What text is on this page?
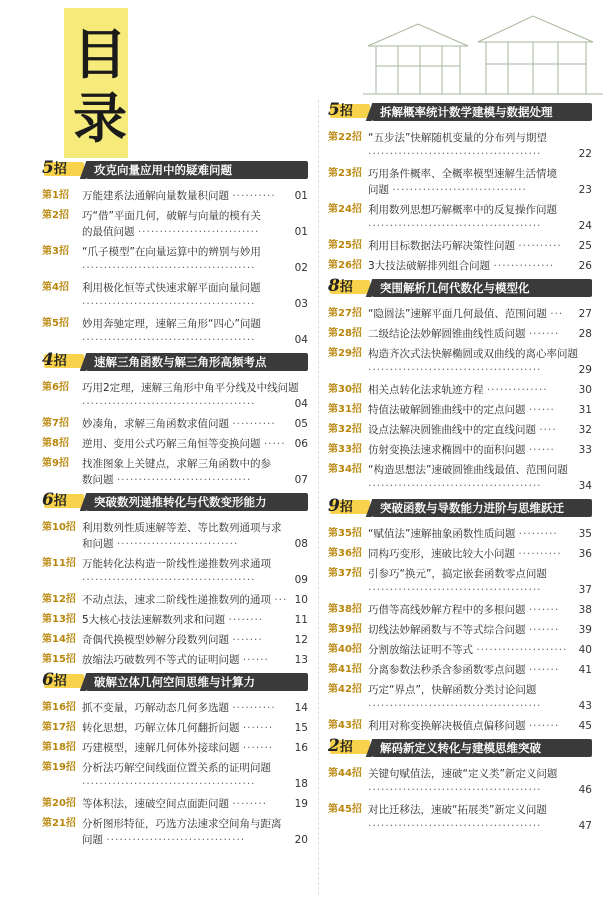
目
录
5招	攻克向量应用中的疑难问题
第1招 万能建系法通解向量数量积问题 ··········	01
第2招 巧“借”平面几何，破解与向量的模有关
的最值问题 ····························	01
第3招 “爪子模型”在向量运算中的辨别与妙用
········································	02
第4招 利用极化恒等式快速求解平面向量问题
········································	03
第5招 妙用奔驰定理，速解三角形“四心”问题
········································	04
4招	速解三角函数与解三角形高频考点
第6招 巧用2定理，速解三角形中角平分线及中线问题
········································	04
第7招 妙凑角，求解三角函数求值问题 ··········	05
第8招 逆用、变用公式巧解三角恒等变换问题 ····· 06
第9招 找准图象上关键点，求解三角函数中的参
数问题 ·······························	07
6招	突破数列递推转化与代数变形能力
第10招 利用数列性质速解等差、等比数列通项与求
和问题 ····························	08
第11招 万能转化法构造一阶线性递推数列求通项
········································	09
第12招 不动点法，速求二阶线性递推数列的通项 ··· 10
第13招 5大核心技法速解数列求和问题 ········	11
第14招 奇偶代换模型妙解分段数列问题 ·······	12
第15招 放缩法巧破数列不等式的证明问题 ······	13
6招	破解立体几何空间思维与计算力
第16招 抓不变量，巧解动态几何多选题 ··········	14
第17招 转化思想，巧解立体几何翻折问题 ·······	15
第18招 巧建模型，速解几何体外接球问题 ·······	16
第19招 分析法巧解空间线面位置关系的证明问题
········································	18
第20招 等体积法，速破空间点面距问题 ········	19
第21招 分析图形特征，巧选方法速求空间角与距离
问题 ································	20
5招	拆解概率统计数学建模与数据处理
第22招 “五步法”快解随机变量的分布列与期望
········································	22
第23招 巧用条件概率、全概率模型速解生活情境
问题 ·······························	23
第24招 利用数列思想巧解概率中的反复操作问题
········································	24
第25招 利用目标数据法巧解决策性问题 ··········	25
第26招 3大技法破解排列组合问题 ··············	26
8招	突围解析几何代数化与模型化
第27招 “隐圆法”速解平面几何最值、范围问题 ···	27
第28招 二级结论法妙解圆锥曲线性质问题 ·······	28
第29招 构造齐次式法快解椭圆或双曲线的离心率问题
········································	29
第30招 相关点转化法求轨迹方程 ··············	30
第31招 特值法破解圆锥曲线中的定点问题 ······	31
第32招 设点法解决圆锥曲线中的定直线问题 ····	32
第33招 仿射变换法速求椭圆中的面积问题 ······	33
第34招 “构造思想法”速破圆锥曲线最值、范围问题
········································	34
9招	突破函数与导数能力进阶与思维跃迁
第35招 “赋值法”速解抽象函数性质问题 ·········	35
第36招 同构巧变形，速破比较大小问题 ··········	36
第37招 引参巧“换元”，搞定嵌套函数零点问题
········································	37
第38招 巧借等高线妙解方程中的多根问题 ·······	38
第39招 切线法妙解函数与不等式综合问题 ·······	39
第40招 分割放缩法证明不等式 ·····················	40
第41招 分离参数法秒杀含参函数零点问题 ·······	41
第42招 巧定“界点”，快解函数分类讨论问题
········································	43
第43招 利用对称变换解决极值点偏移问题 ·······	45
2招	解码新定义转化与建模思维突破
第44招 关键句赋值法，速破“定义类”新定义问题
········································	46
第45招 对比迁移法，速破“拓展类”新定义问题
········································	47
